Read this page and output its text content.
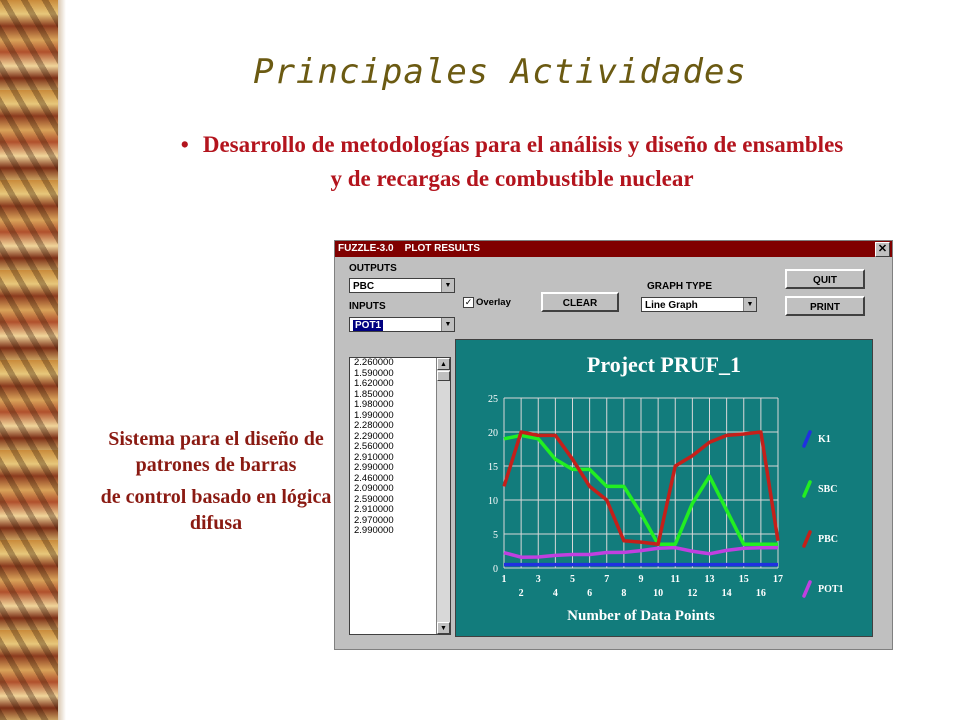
Principales Actividades
• Desarrollo de metodologías para el análisis y diseño de ensambles
y de recargas de combustible nuclear

Sistema para el diseño de patrones de barras

de control basado en lógica difusa

FUZZLE-3.0    PLOT RESULTS	✕
OUTPUTS
PBC	▼
INPUTS
POT1	▼
✓ Overlay	CLEAR
GRAPH TYPE
Line Graph	▼
QUIT
PRINT
2.260000
1.590000
1.620000
1.850000
1.980000
1.990000
2.280000
2.290000
2.560000
2.910000
2.990000
2.460000
2.090000
2.590000
2.910000
2.970000
2.990000
▲
▼
Project PRUF_1
0
5
10
15
20
25
1	3	5	7	9	11 13 15 17
2	4	6	8	10 12 14 16
Number of Data Points
K1
SBC
PBC
POT1
